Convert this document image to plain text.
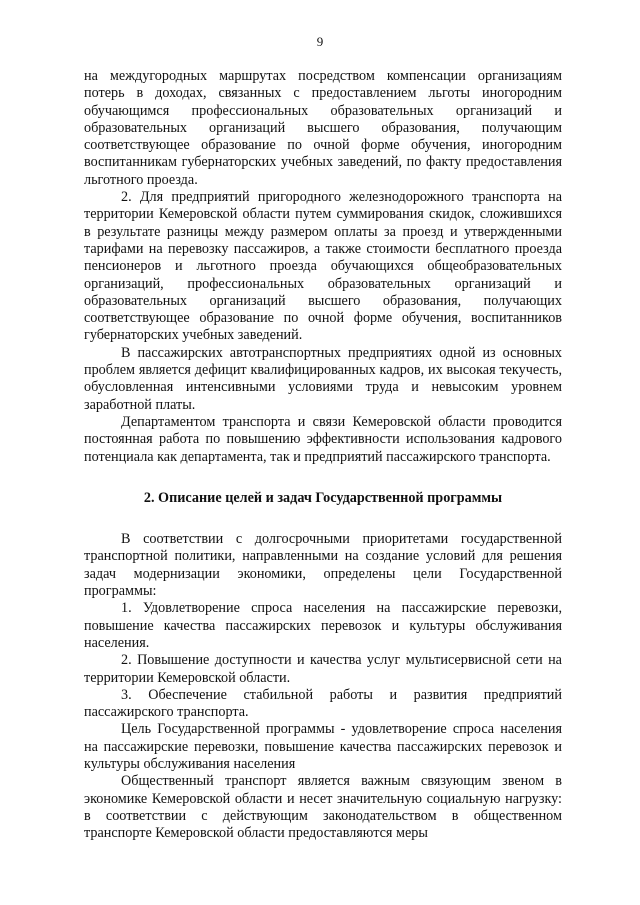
9

на междугородных маршрутах посредством компенсации организациям потерь в доходах, связанных с предоставлением льготы иногородним обучающимся профессиональных образовательных организаций и образовательных организаций высшего образования, получающим соответствующее образование по очной форме обучения, иногородним воспитанникам губернаторских учебных заведений, по факту предоставления льготного проезда.

2. Для предприятий пригородного железнодорожного транспорта на территории Кемеровской области путем суммирования скидок, сложившихся в результате разницы между размером оплаты за проезд и утвержденными тарифами на перевозку пассажиров, а также стоимости бесплатного проезда пенсионеров и льготного проезда обучающихся общеобразовательных организаций, профессиональных образовательных организаций и образовательных организаций высшего образования, получающих соответствующее образование по очной форме обучения, воспитанников губернаторских учебных заведений.

В пассажирских автотранспортных предприятиях одной из основных проблем является дефицит квалифицированных кадров, их высокая текучесть, обусловленная интенсивными условиями труда и невысоким уровнем заработной платы.

Департаментом транспорта и связи Кемеровской области проводится постоянная работа по повышению эффективности использования кадрового потенциала как департамента, так и предприятий пассажирского транспорта.

2. Описание целей и задач Государственной программы

В соответствии с долгосрочными приоритетами государственной транспортной политики, направленными на создание условий для решения задач модернизации экономики, определены цели Государственной программы:

1. Удовлетворение спроса населения на пассажирские перевозки, повышение качества пассажирских перевозок и культуры обслуживания населения.

2. Повышение доступности и качества услуг мультисервисной сети на территории Кемеровской области.

3. Обеспечение стабильной работы и развития предприятий пассажирского транспорта.

Цель Государственной программы - удовлетворение спроса населения на пассажирские перевозки, повышение качества пассажирских перевозок и культуры обслуживания населения

Общественный транспорт является важным связующим звеном в экономике Кемеровской области и несет значительную социальную нагрузку: в соответствии с действующим законодательством в общественном транспорте Кемеровской области предоставляются меры
